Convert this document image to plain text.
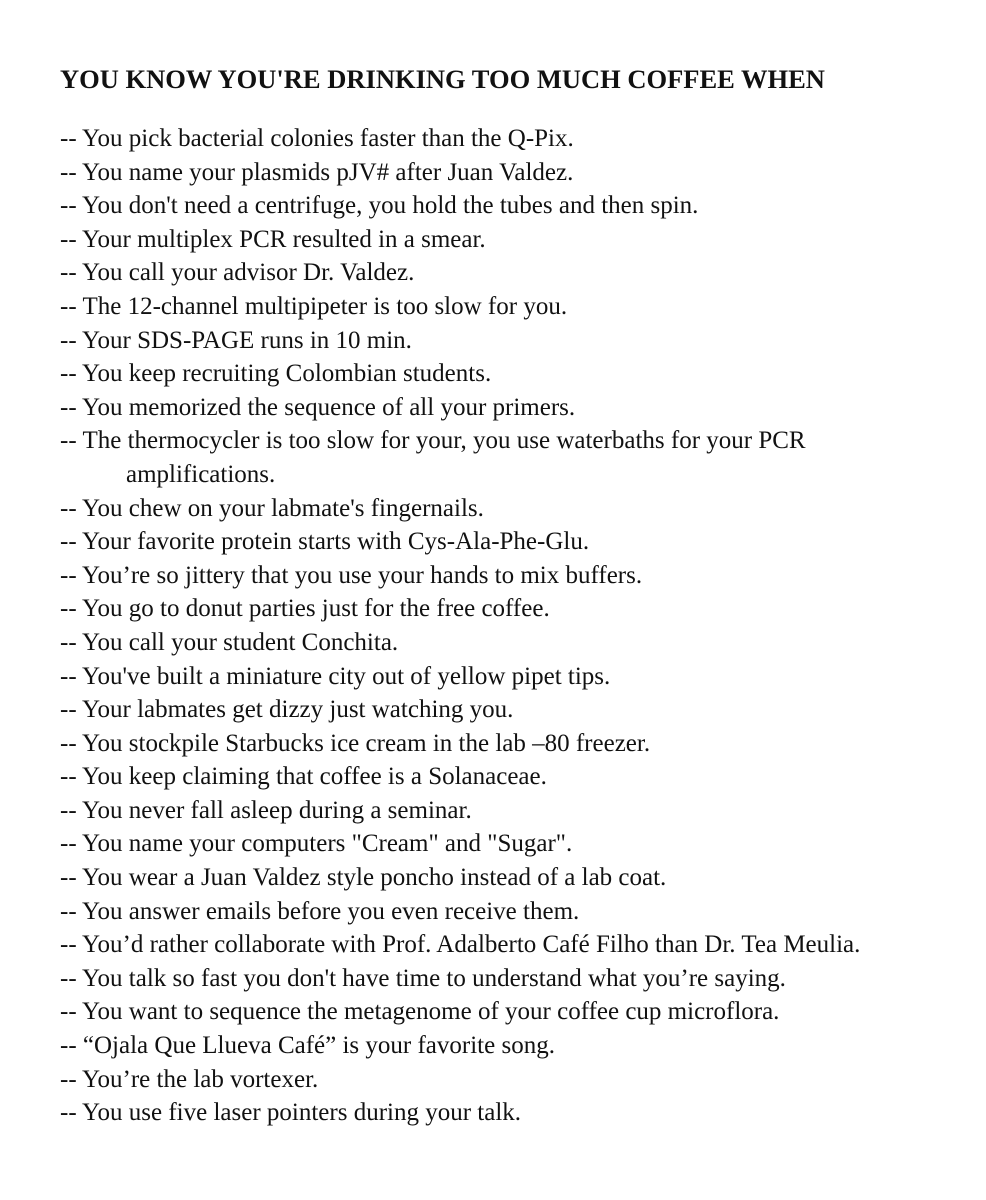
YOU KNOW YOU'RE DRINKING TOO MUCH COFFEE WHEN
-- You pick bacterial colonies faster than the Q-Pix.
-- You name your plasmids pJV# after Juan Valdez.
-- You don't need a centrifuge, you hold the tubes and then spin.
-- Your multiplex PCR resulted in a smear.
-- You call your advisor Dr. Valdez.
-- The 12-channel multipipeter is too slow for you.
-- Your SDS-PAGE runs in 10 min.
-- You keep recruiting Colombian students.
-- You memorized the sequence of all your primers.
-- The thermocycler is too slow for your, you use waterbaths for your PCR amplifications.
-- You chew on your labmate's fingernails.
-- Your favorite protein starts with Cys-Ala-Phe-Glu.
-- You’re so jittery that you use your hands to mix buffers.
-- You go to donut parties just for the free coffee.
-- You call your student Conchita.
-- You've built a miniature city out of yellow pipet tips.
-- Your labmates get dizzy just watching you.
-- You stockpile Starbucks ice cream in the lab –80 freezer.
-- You keep claiming that coffee is a Solanaceae.
-- You never fall asleep during a seminar.
-- You name your computers "Cream" and "Sugar".
-- You wear a Juan Valdez style poncho instead of a lab coat.
-- You answer emails before you even receive them.
-- You’d rather collaborate with Prof. Adalberto Café Filho than Dr. Tea Meulia.
-- You talk so fast you don't have time to understand what you’re saying.
-- You want to sequence the metagenome of your coffee cup microflora.
-- “Ojala Que Llueva Café” is your favorite song.
-- You’re the lab vortexer.
-- You use five laser pointers during your talk.
